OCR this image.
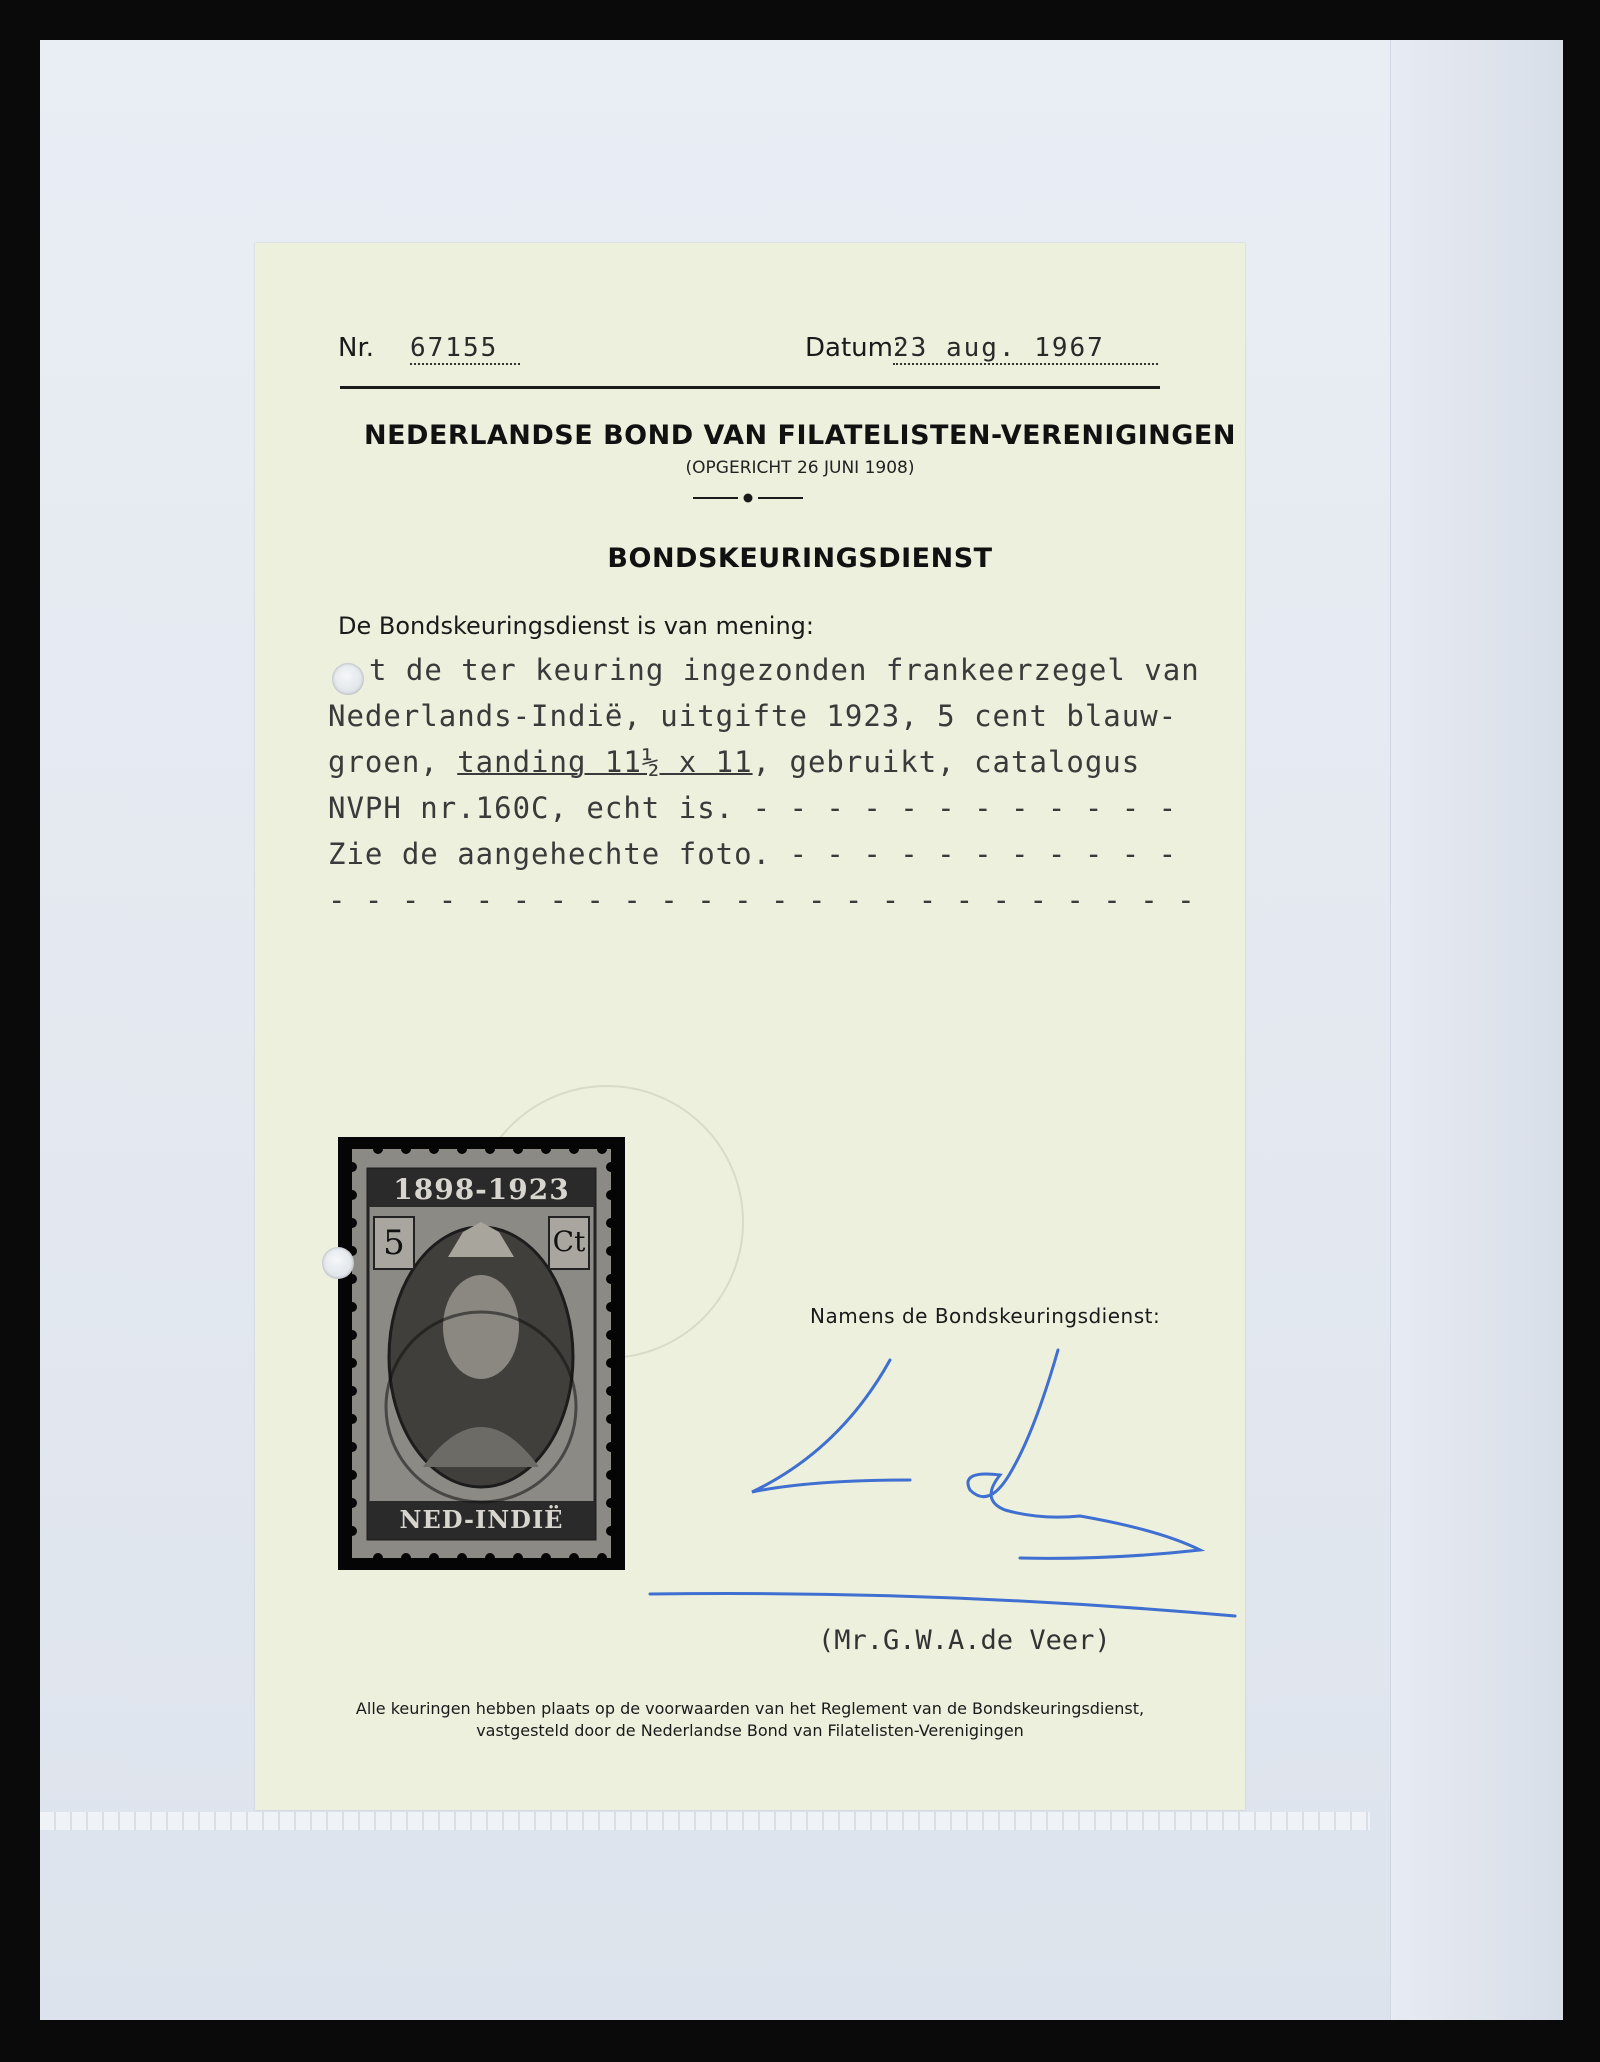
Nr. 67155	Datum:
23 aug. 1967
NEDERLANDSE BOND VAN FILATELISTEN-VERENIGINGEN
(OPGERICHT 26 JUNI 1908)
BONDSKEURINGSDIENST
De Bondskeuringsdienst is van mening:
t de ter keuring ingezonden frankeerzegel van
Nederlands-Indië, uitgifte 1923, 5 cent blauw-
groen, tanding 11½ x 11, gebruikt, catalogus
NVPH nr.160C, echt is. - - - - - - - - - - - -
Zie de aangehechte foto. - - - - - - - - - - -
- - - - - - - - - - - - - - - - - - - - - - - -
1898-1923
5	Ct
NED-INDIË
Namens de Bondskeuringsdienst:
(Mr.G.W.A.de Veer)
Alle keuringen hebben plaats op de voorwaarden van het Reglement van de Bondskeuringsdienst,
vastgesteld door de Nederlandse Bond van Filatelisten-Verenigingen
